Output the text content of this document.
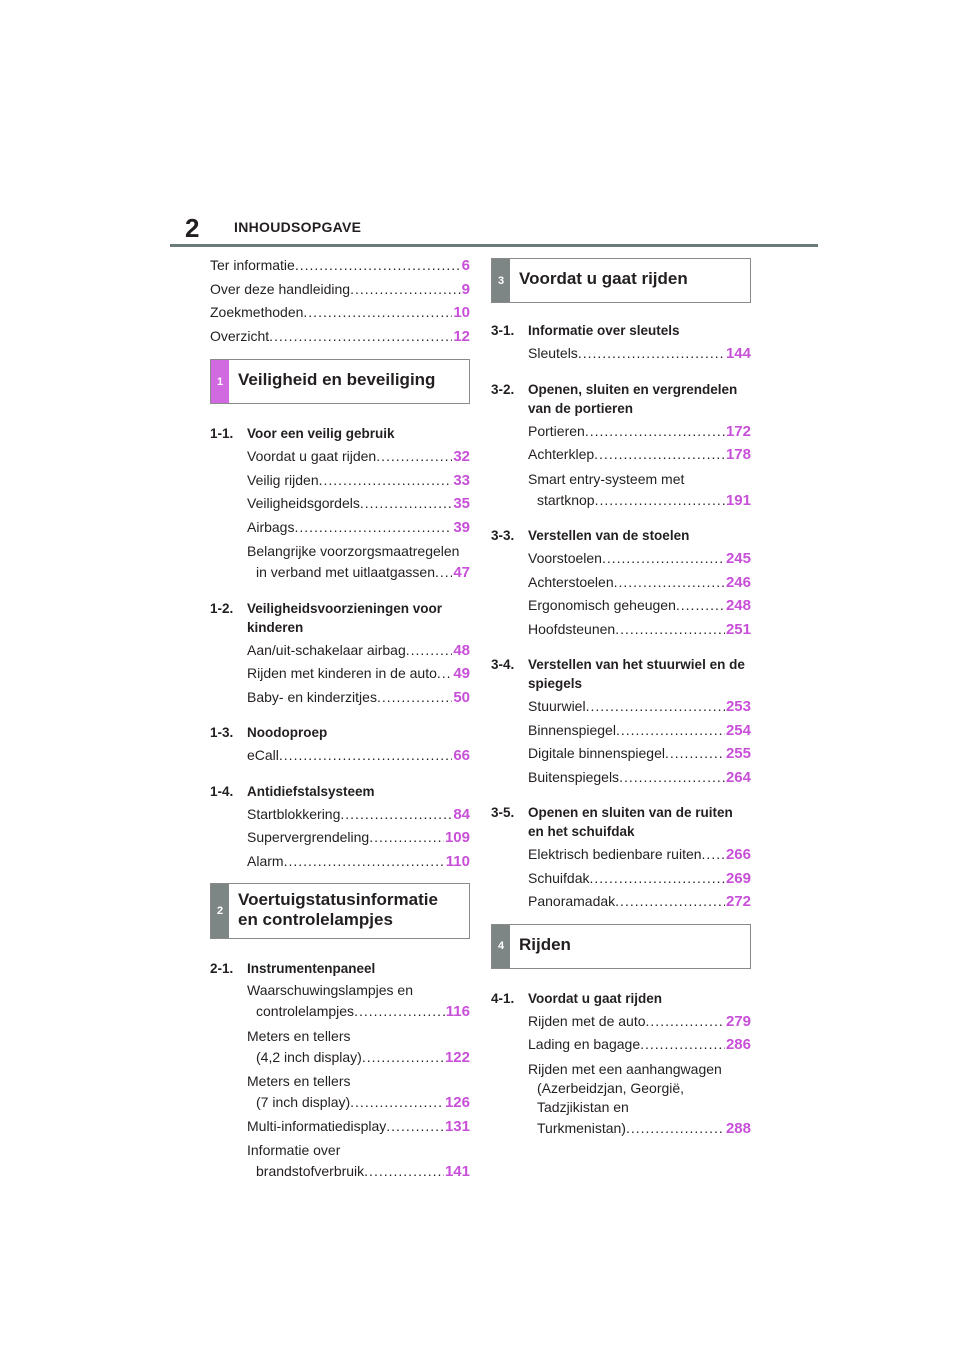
2 INHOUDSOPGAVE
Ter informatie .....	6
Over deze handleiding .....	9
Zoekmethoden .....	10
Overzicht .....	12
1 Veiligheid en beveiliging
1-1.	Voor een veilig gebruik
Voordat u gaat rijden .....	32
Veilig rijden .....	33
Veiligheidsgordels .....	35
Airbags .....	39
Belangrijke voorzorgsmaatregelen
in verband met uitlaatgassen ..... 47
1-2.	Veiligheidsvoorzieningen voor kinderen
Aan/uit-schakelaar airbag .....	48
Rijden met kinderen in de auto ..... 49
Baby- en kinderzitjes .....	50
1-3.	Noodoproep
eCall .....	66
1-4.	Antidiefstalsysteem
Startblokkering .....	84
Supervergrendeling .....	109
Alarm .....	110
2
Voertuigstatusinformatie en controlelampjes
2-1.	Instrumentenpaneel
Waarschuwingslampjes en
controlelampjes .....	116
Meters en tellers
(4,2 inch display) .....	122
Meters en tellers
(7 inch display) .....	126
Multi-informatiedisplay .....	131
Informatie over
brandstofverbruik .....	141
3 Voordat u gaat rijden
3-1.	Informatie over sleutels
Sleutels .....	144
3-2.	Openen, sluiten en vergrendelen van de portieren
Portieren .....	172
Achterklep .....	178
Smart entry-systeem met
startknop .....	191
3-3.	Verstellen van de stoelen
Voorstoelen .....	245
Achterstoelen .....	246
Ergonomisch geheugen .....	248
Hoofdsteunen .....	251
3-4.	Verstellen van het stuurwiel en de spiegels
Stuurwiel .....	253
Binnenspiegel .....	254
Digitale binnenspiegel .....	255
Buitenspiegels .....	264
3-5.	Openen en sluiten van de ruiten en het schuifdak
Elektrisch bedienbare ruiten ..... 266
Schuifdak .....	269
Panoramadak .....	272
4 Rijden
4-1.	Voordat u gaat rijden
Rijden met de auto .....	279
Lading en bagage .....	286
Rijden met een aanhangwagen
(Azerbeidzjan, Georgië,
Tadzjikistan en
Turkmenistan) .....	288
